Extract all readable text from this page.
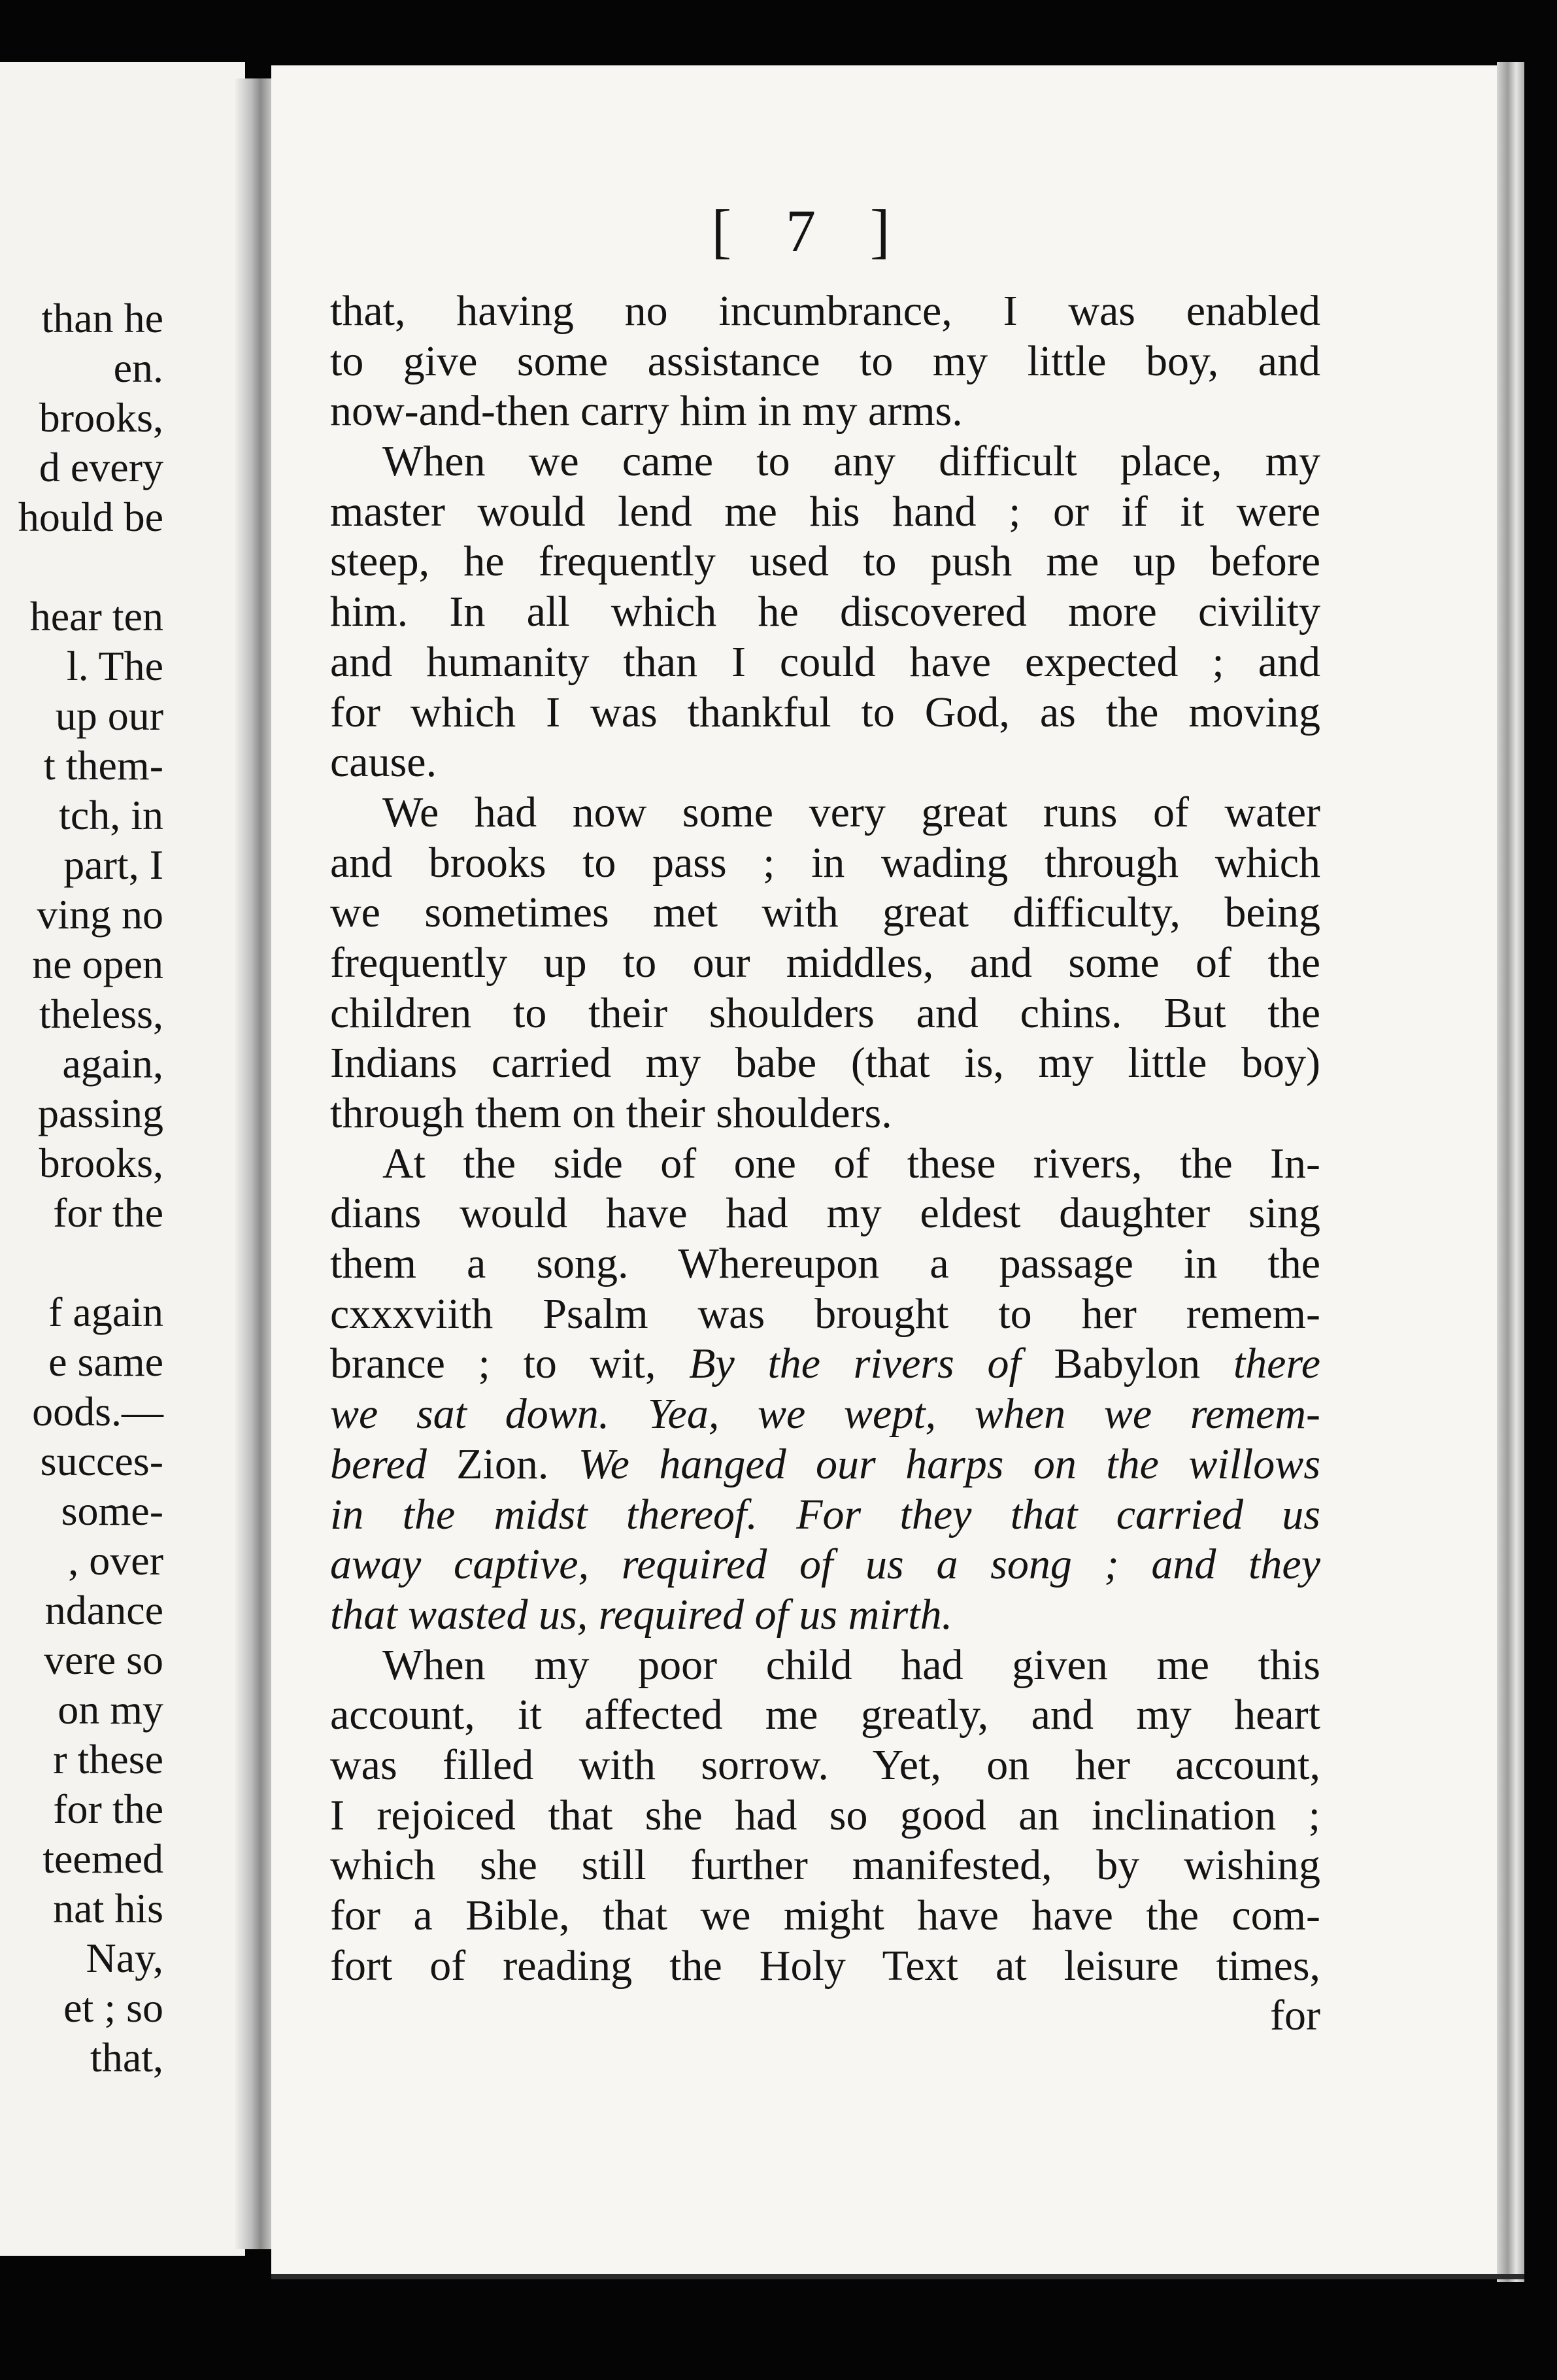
than he
en.
brooks,
d every
hould be
hear ten
l. The
up our
t them-
tch, in
part, I
ving no
ne open
theless,
again,
passing
brooks,
for the
f again
e same
oods.—
succes-
some-
, over
ndance
vere so
on my
r these
for the
teemed
nat his
Nay,
et ; so
that,
[ 7 ]
that, having no incumbrance, I was enabled
to give some assistance to my little boy, and
now-and-then carry him in my arms.
When we came to any difficult place, my
master would lend me his hand ; or if it were
steep, he frequently used to push me up before
him. In all which he discovered more civility
and humanity than I could have expected ; and
for which I was thankful to God, as the moving
cause.
We had now some very great runs of water
and brooks to pass ; in wading through which
we sometimes met with great difficulty, being
frequently up to our middles, and some of the
children to their shoulders and chins. But the
Indians carried my babe (that is, my little boy)
through them on their shoulders.
At the side of one of these rivers, the In-
dians would have had my eldest daughter sing
them a song. Whereupon a passage in the
cxxxviith Psalm was brought to her remem-
brance ; to wit, By the rivers of Babylon there
we sat down. Yea, we wept, when we remem-
bered Zion. We hanged our harps on the willows
in the midst thereof. For they that carried us
away captive, required of us a song ; and they
that wasted us, required of us mirth.
When my poor child had given me this
account, it affected me greatly, and my heart
was filled with sorrow. Yet, on her account,
I rejoiced that she had so good an inclination ;
which she still further manifested, by wishing
for a Bible, that we might have have the com-
fort of reading the Holy Text at leisure times,
for
